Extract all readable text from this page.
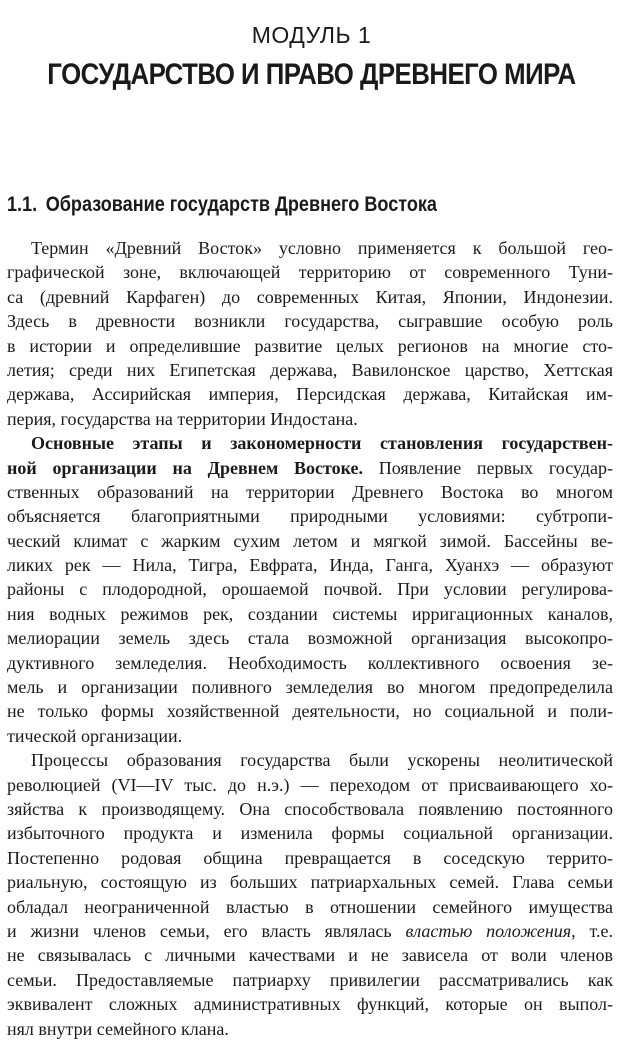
МОДУЛЬ 1
ГОСУДАРСТВО И ПРАВО ДРЕВНЕГО МИРА
1.1. Образование государств Древнего Востока
Термин «Древний Восток» условно применяется к большой гео-
графической зоне, включающей территорию от современного Туни-
са (древний Карфаген) до современных Китая, Японии, Индонезии.
Здесь в древности возникли государства, сыгравшие особую роль
в истории и определившие развитие целых регионов на многие сто-
летия; среди них Египетская держава, Вавилонское царство, Хеттская
держава, Ассирийская империя, Персидская держава, Китайская им-
перия, государства на территории Индостана.
Основные этапы и закономерности становления государствен-
ной организации на Древнем Востоке. Появление первых государ-
ственных образований на территории Древнего Востока во многом
объясняется благоприятными природными условиями: субтропи-
ческий климат с жарким сухим летом и мягкой зимой. Бассейны ве-
ликих рек — Нила, Тигра, Евфрата, Инда, Ганга, Хуанхэ — образуют
районы с плодородной, орошаемой почвой. При условии регулирова-
ния водных режимов рек, создании системы ирригационных каналов,
мелиорации земель здесь стала возможной организация высокопро-
дуктивного земледелия. Необходимость коллективного освоения зе-
мель и организации поливного земледелия во многом предопределила
не только формы хозяйственной деятельности, но социальной и поли-
тической организации.
Процессы образования государства были ускорены неолитической
революцией (VI—IV тыс. до н.э.) — переходом от присваивающего хо-
зяйства к производящему. Она способствовала появлению постоянного
избыточного продукта и изменила формы социальной организации.
Постепенно родовая община превращается в соседскую террито-
риальную, состоящую из больших патриархальных семей. Глава семьи
обладал неограниченной властью в отношении семейного имущества
и жизни членов семьи, его власть являлась властью положения, т.е.
не связывалась с личными качествами и не зависела от воли членов
семьи. Предоставляемые патриарху привилегии рассматривались как
эквивалент сложных административных функций, которые он выпол-
нял внутри семейного клана.
